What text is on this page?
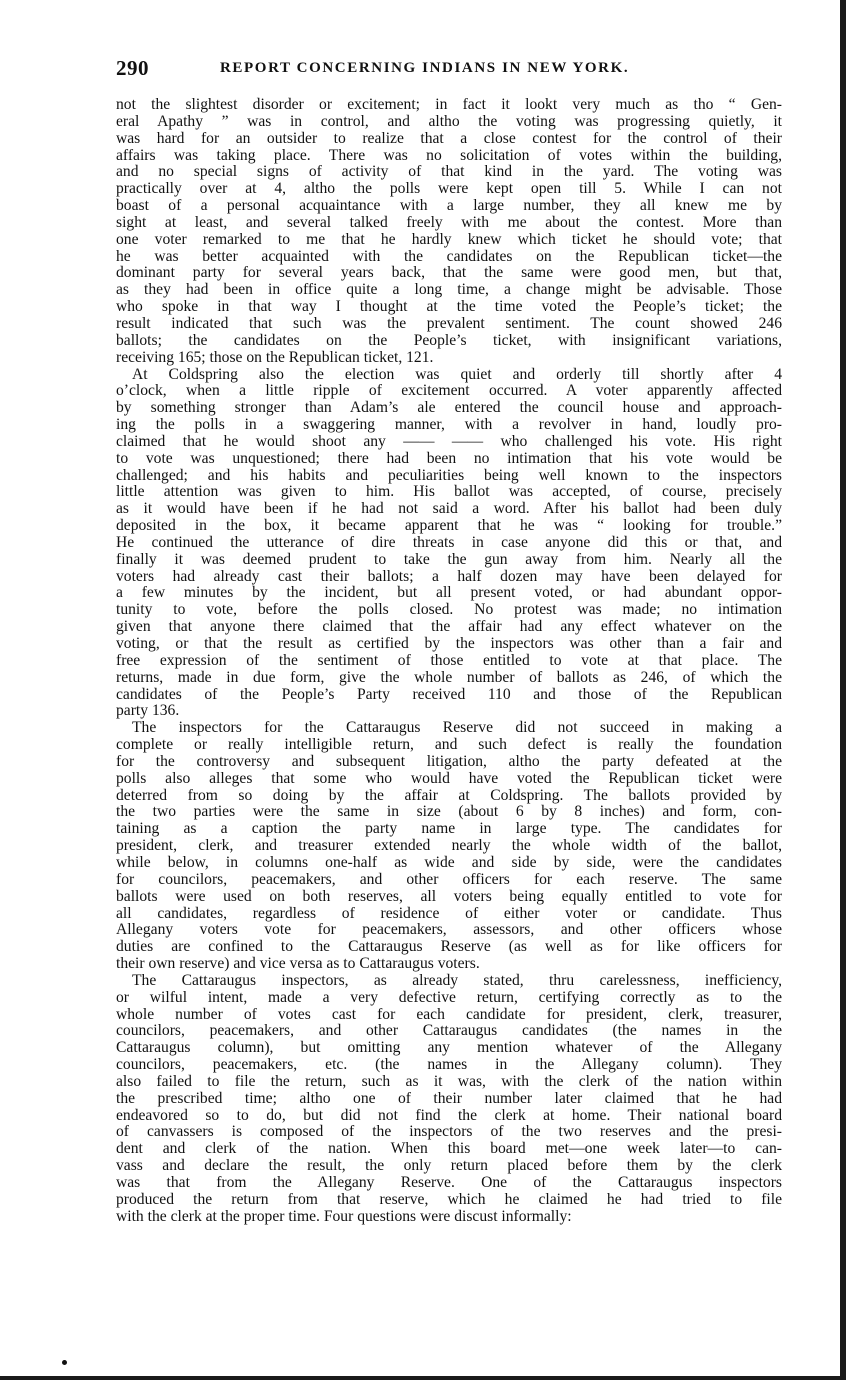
290	REPORT CONCERNING INDIANS IN NEW YORK.
not the slightest disorder or excitement; in fact it lookt very much as tho “ Gen-
eral Apathy ” was in control, and altho the voting was progressing quietly, it
was hard for an outsider to realize that a close contest for the control of their
affairs was taking place. There was no solicitation of votes within the building,
and no special signs of activity of that kind in the yard. The voting was
practically over at 4, altho the polls were kept open till 5. While I can not
boast of a personal acquaintance with a large number, they all knew me by
sight at least, and several talked freely with me about the contest. More than
one voter remarked to me that he hardly knew which ticket he should vote; that
he was better acquainted with the candidates on the Republican ticket—the
dominant party for several years back, that the same were good men, but that,
as they had been in office quite a long time, a change might be advisable. Those
who spoke in that way I thought at the time voted the People’s ticket; the
result indicated that such was the prevalent sentiment. The count showed 246
ballots; the candidates on the People’s ticket, with insignificant variations,
receiving 165; those on the Republican ticket, 121.
At Coldspring also the election was quiet and orderly till shortly after 4
o’clock, when a little ripple of excitement occurred. A voter apparently affected
by something stronger than Adam’s ale entered the council house and approach-
ing the polls in a swaggering manner, with a revolver in hand, loudly pro-
claimed that he would shoot any —— —— who challenged his vote. His right
to vote was unquestioned; there had been no intimation that his vote would be
challenged; and his habits and peculiarities being well known to the inspectors
little attention was given to him. His ballot was accepted, of course, precisely
as it would have been if he had not said a word. After his ballot had been duly
deposited in the box, it became apparent that he was “ looking for trouble.”
He continued the utterance of dire threats in case anyone did this or that, and
finally it was deemed prudent to take the gun away from him. Nearly all the
voters had already cast their ballots; a half dozen may have been delayed for
a few minutes by the incident, but all present voted, or had abundant oppor-
tunity to vote, before the polls closed. No protest was made; no intimation
given that anyone there claimed that the affair had any effect whatever on the
voting, or that the result as certified by the inspectors was other than a fair and
free expression of the sentiment of those entitled to vote at that place. The
returns, made in due form, give the whole number of ballots as 246, of which the
candidates of the People’s Party received 110 and those of the Republican
party 136.
The inspectors for the Cattaraugus Reserve did not succeed in making a
complete or really intelligible return, and such defect is really the foundation
for the controversy and subsequent litigation, altho the party defeated at the
polls also alleges that some who would have voted the Republican ticket were
deterred from so doing by the affair at Coldspring. The ballots provided by
the two parties were the same in size (about 6 by 8 inches) and form, con-
taining as a caption the party name in large type. The candidates for
president, clerk, and treasurer extended nearly the whole width of the ballot,
while below, in columns one-half as wide and side by side, were the candidates
for councilors, peacemakers, and other officers for each reserve. The same
ballots were used on both reserves, all voters being equally entitled to vote for
all candidates, regardless of residence of either voter or candidate. Thus
Allegany voters vote for peacemakers, assessors, and other officers whose
duties are confined to the Cattaraugus Reserve (as well as for like officers for
their own reserve) and vice versa as to Cattaraugus voters.
The Cattaraugus inspectors, as already stated, thru carelessness, inefficiency,
or wilful intent, made a very defective return, certifying correctly as to the
whole number of votes cast for each candidate for president, clerk, treasurer,
councilors, peacemakers, and other Cattaraugus candidates (the names in the
Cattaraugus column), but omitting any mention whatever of the Allegany
councilors, peacemakers, etc. (the names in the Allegany column). They
also failed to file the return, such as it was, with the clerk of the nation within
the prescribed time; altho one of their number later claimed that he had
endeavored so to do, but did not find the clerk at home. Their national board
of canvassers is composed of the inspectors of the two reserves and the presi-
dent and clerk of the nation. When this board met—one week later—to can-
vass and declare the result, the only return placed before them by the clerk
was that from the Allegany Reserve. One of the Cattaraugus inspectors
produced the return from that reserve, which he claimed he had tried to file
with the clerk at the proper time. Four questions were discust informally:
